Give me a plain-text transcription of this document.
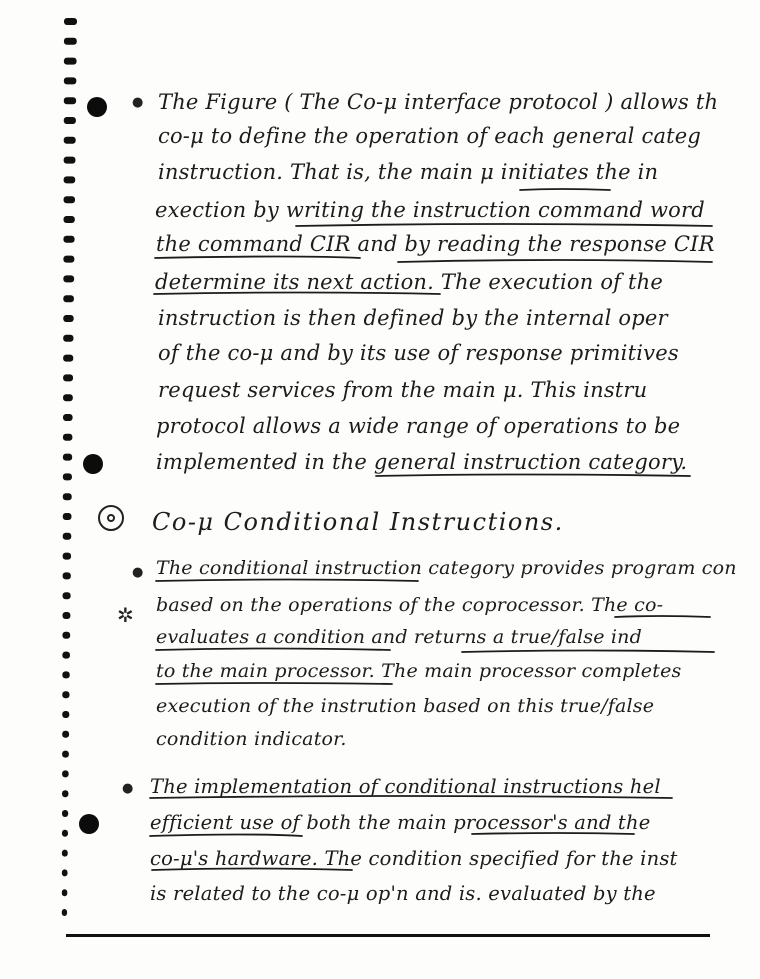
● The Figure ( The Co-μ interface protocol ) allows th
co-μ to define the operation of each general categ
instruction. That is, the main μ initiates the in
exection by writing the instruction command word
the command CIR and by reading the response CIR
determine its next action. The execution of the
instruction is then defined by the internal oper
of the co-μ and by its use of response primitives
request services from the main μ. This instru
protocol allows a wide range of operations to be
implemented in the general instruction category.
Co-μ Conditional Instructions.
●
✲
The conditional instruction category provides program con
based on the operations of the coprocessor. The co-
evaluates a condition and returns a true/false ind
to the main processor. The main processor completes
execution of the instrution based on this true/false
condition indicator.
● The implementation of conditional instructions hel
efficient use of both the main processor's and the
co-μ's hardware. The condition specified for the inst
is related to the co-μ op'n and is. evaluated by the
